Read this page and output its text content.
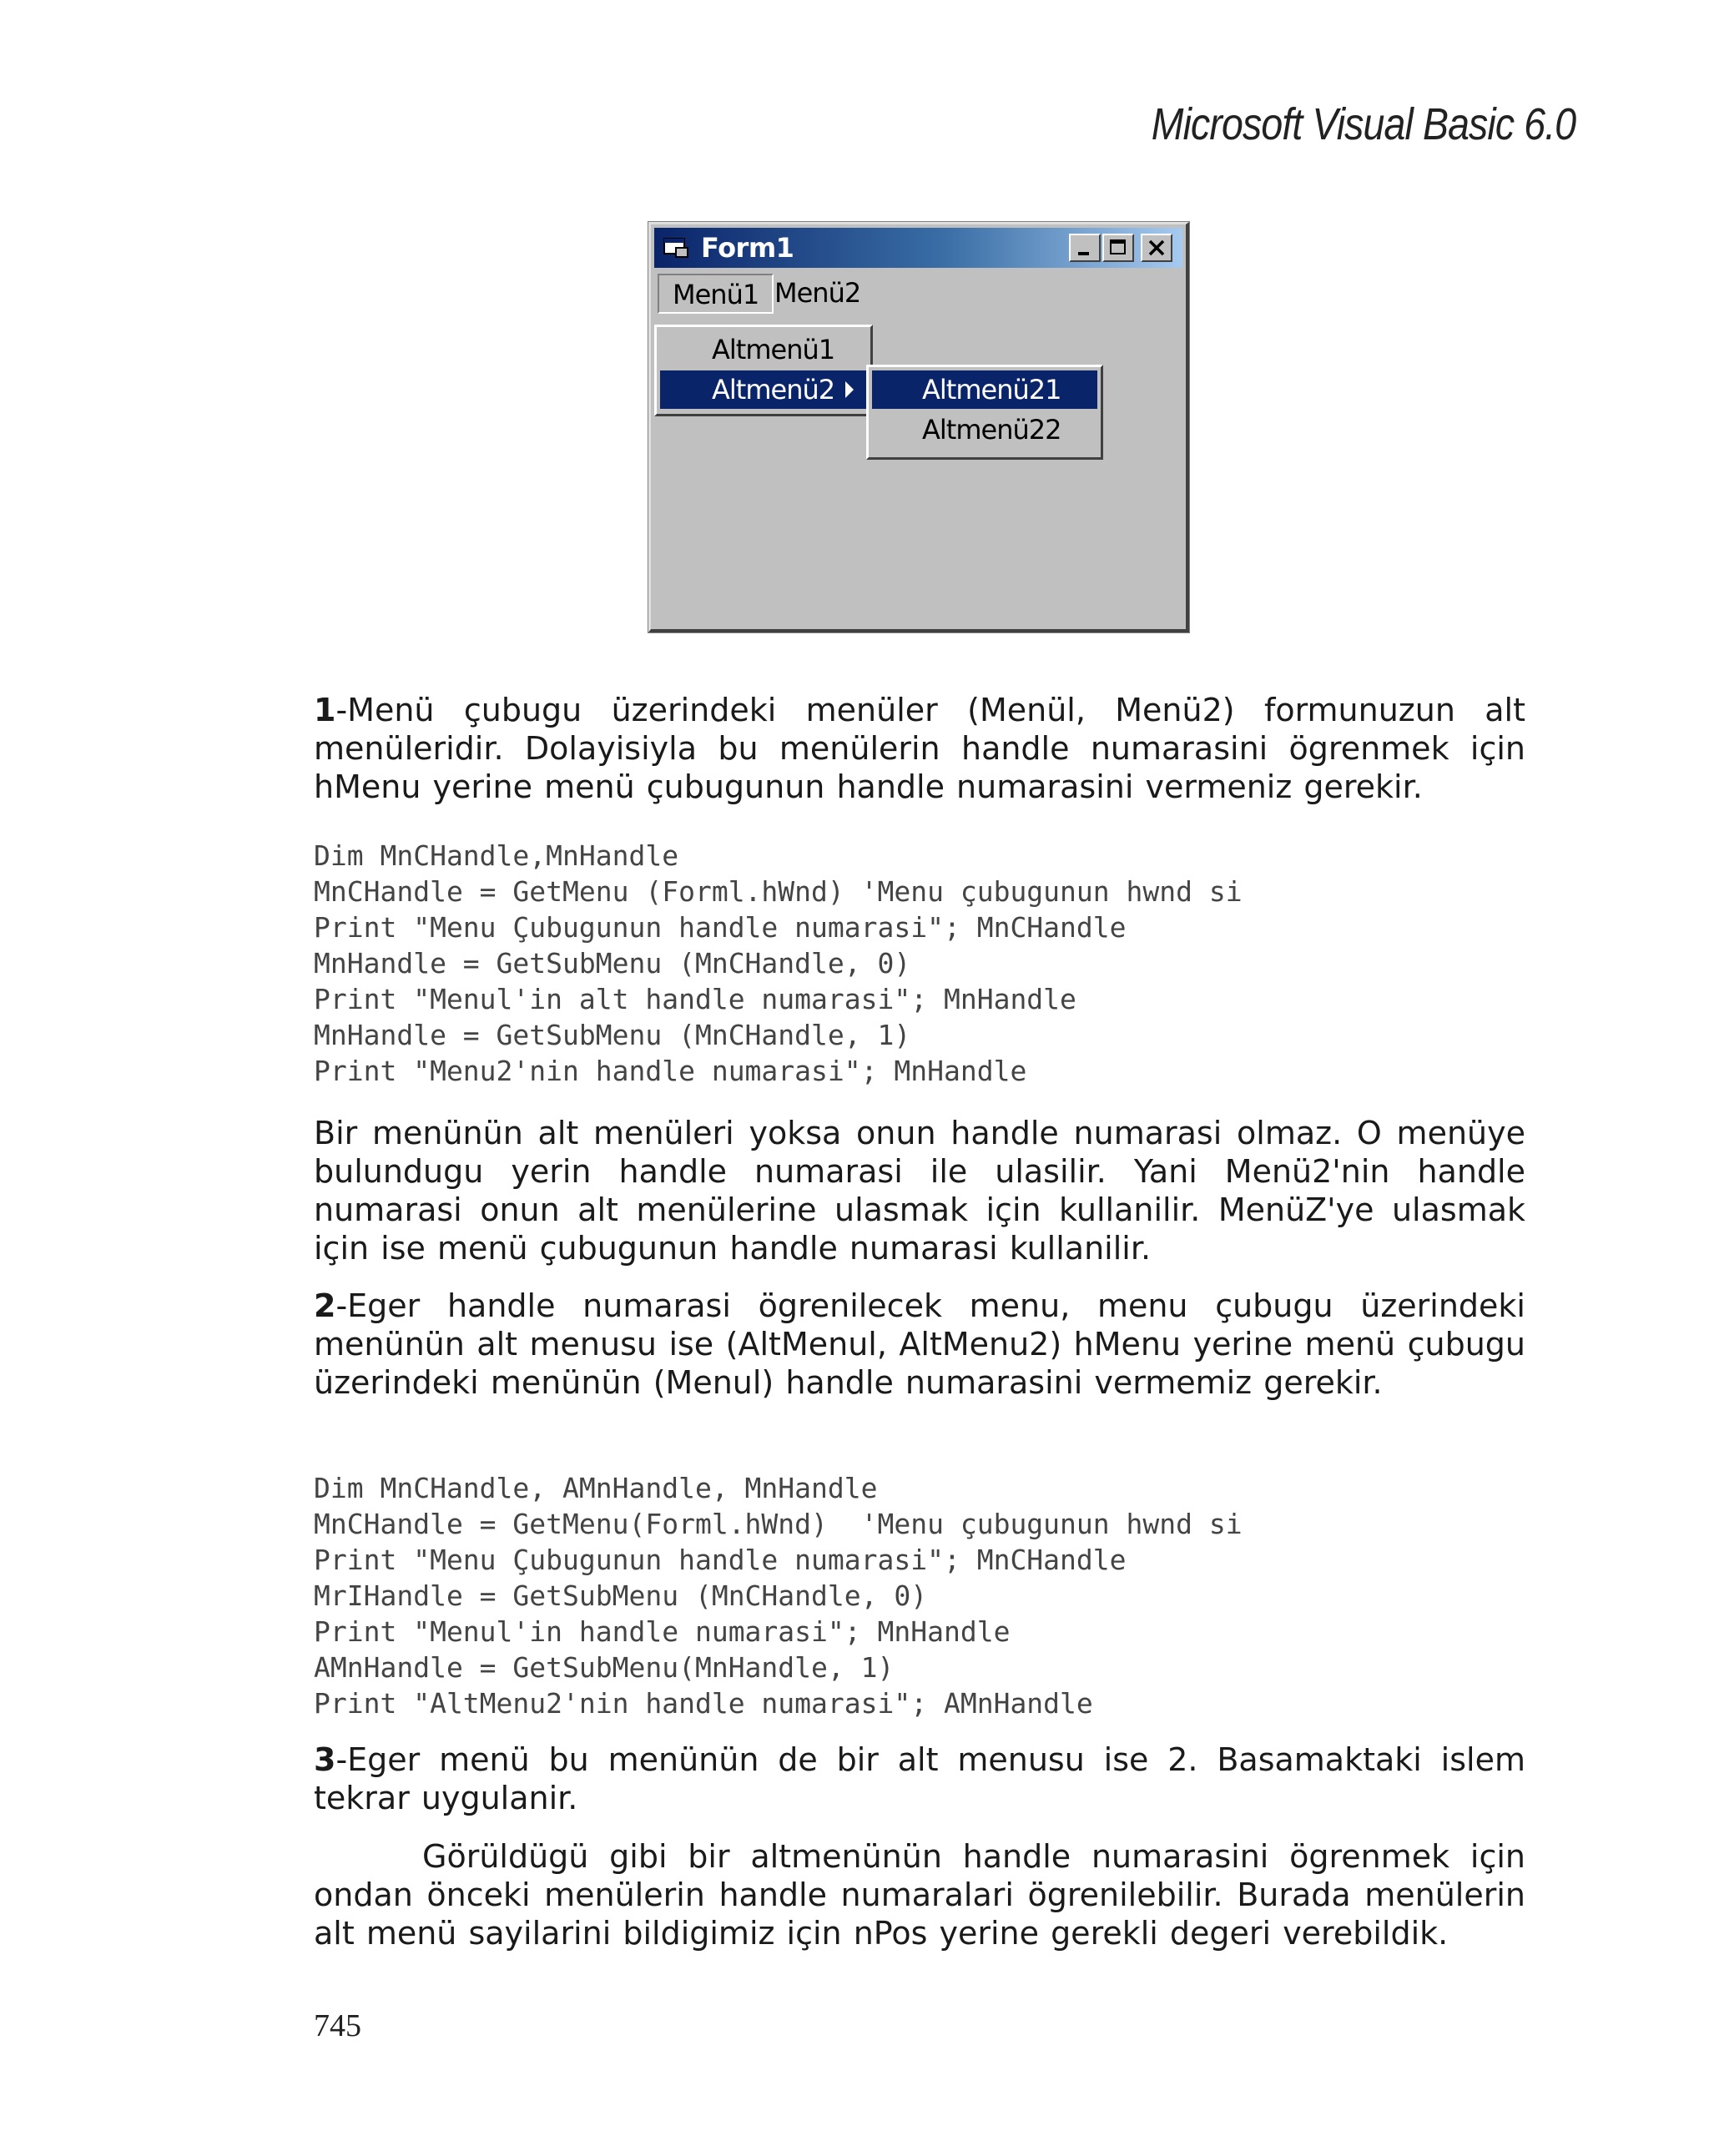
Microsoft Visual Basic 6.0
Form1
Menü1 Menü2
Altmenü1
Altmenü2	Altmenü21
Altmenü22

1-Menü çubugu üzerindeki menüler (Menül, Menü2) formunuzun alt menüleridir. Dolayisiyla bu menülerin handle numarasini ögrenmek için hMenu yerine menü çubugunun handle numarasini vermeniz gerekir.

Dim MnCHandle,MnHandle
MnCHandle = GetMenu (Forml.hWnd) 'Menu çubugunun hwnd si
Print "Menu Çubugunun handle numarasi"; MnCHandle
MnHandle = GetSubMenu (MnCHandle, 0)
Print "Menul'in alt handle numarasi"; MnHandle
MnHandle = GetSubMenu (MnCHandle, 1)
Print "Menu2'nin handle numarasi"; MnHandle

Bir menünün alt menüleri yoksa onun handle numarasi olmaz. O menüye bulundugu yerin handle numarasi ile ulasilir. Yani Menü2'nin handle numarasi onun alt menülerine ulasmak için kullanilir. MenüZ'ye ulasmak için ise menü çubugunun handle numarasi kullanilir.

2-Eger handle numarasi ögrenilecek menu, menu çubugu üzerindeki menünün alt menusu ise (AltMenul, AltMenu2) hMenu yerine menü çubugu üzerindeki menünün (Menul) handle numarasini vermemiz gerekir.

Dim MnCHandle, AMnHandle, MnHandle
MnCHandle = GetMenu(Forml.hWnd)  'Menu çubugunun hwnd si
Print "Menu Çubugunun handle numarasi"; MnCHandle
MrIHandle = GetSubMenu (MnCHandle, 0)
Print "Menul'in handle numarasi"; MnHandle
AMnHandle = GetSubMenu(MnHandle, 1)
Print "AltMenu2'nin handle numarasi"; AMnHandle

3-Eger menü bu menünün de bir alt menusu ise 2. Basamaktaki islem tekrar uygulanir.

Görüldügü gibi bir altmenünün handle numarasini ögrenmek için ondan önceki menülerin handle numaralari ögrenilebilir. Burada menülerin alt menü sayilarini bildigimiz için nPos yerine gerekli degeri verebildik.

745
